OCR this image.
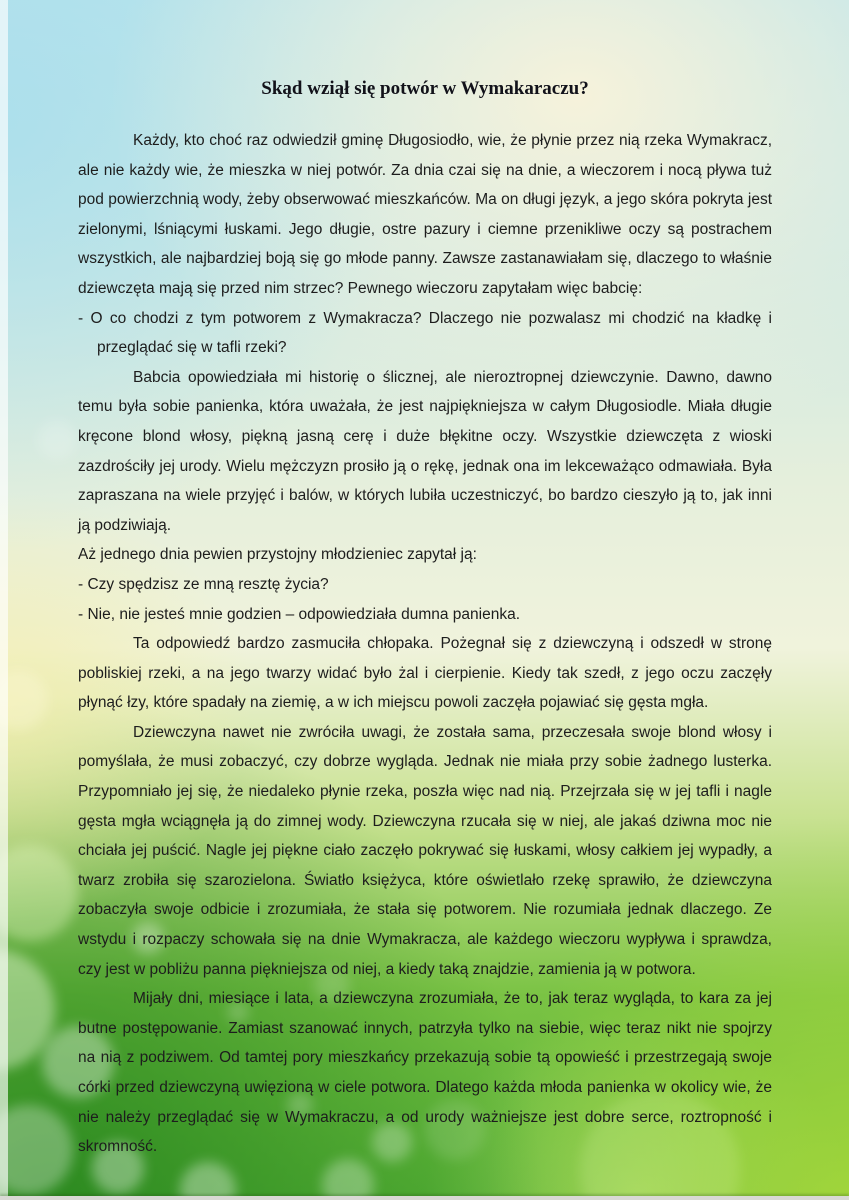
Skąd wziął się potwór w Wymakaraczu?

Każdy, kto choć raz odwiedził gminę Długosiodło, wie, że płynie przez nią rzeka Wymakracz, ale nie każdy wie, że mieszka w niej potwór. Za dnia czai się na dnie, a wieczorem i nocą pływa tuż pod powierzchnią wody, żeby obserwować mieszkańców. Ma on długi język, a jego skóra pokryta jest zielonymi, lśniącymi łuskami. Jego długie, ostre pazury i ciemne przenikliwe oczy są postrachem wszystkich, ale najbardziej boją się go młode panny. Zawsze zastanawiałam się, dlaczego to właśnie dziewczęta mają się przed nim strzec? Pewnego wieczoru zapytałam więc babcię:

- O co chodzi z tym potworem z Wymakracza? Dlaczego nie pozwalasz mi chodzić na kładkę i przeglądać się w tafli rzeki?

Babcia opowiedziała mi historię o ślicznej, ale nieroztropnej dziewczynie. Dawno, dawno temu była sobie panienka, która uważała, że jest najpiękniejsza w całym Długosiodle. Miała długie kręcone blond włosy, piękną jasną cerę i duże błękitne oczy. Wszystkie dziewczęta z wioski zazdrościły jej urody. Wielu mężczyzn prosiło ją o rękę, jednak ona im lekceważąco odmawiała. Była zapraszana na wiele przyjęć i balów, w których lubiła uczestniczyć, bo bardzo cieszyło ją to, jak inni ją podziwiają.

Aż jednego dnia pewien przystojny młodzieniec zapytał ją:

- Czy spędzisz ze mną resztę życia?

- Nie, nie jesteś mnie godzien – odpowiedziała dumna panienka.

Ta odpowiedź bardzo zasmuciła chłopaka. Pożegnał się z dziewczyną i odszedł w stronę pobliskiej rzeki, a na jego twarzy widać było żal i cierpienie. Kiedy tak szedł, z jego oczu zaczęły płynąć łzy, które spadały na ziemię, a w ich miejscu powoli zaczęła pojawiać się gęsta mgła.

Dziewczyna nawet nie zwróciła uwagi, że została sama, przeczesała swoje blond włosy i pomyślała, że musi zobaczyć, czy dobrze wygląda. Jednak nie miała przy sobie żadnego lusterka. Przypomniało jej się, że niedaleko płynie rzeka, poszła więc nad nią. Przejrzała się w jej tafli i nagle gęsta mgła wciągnęła ją do zimnej wody. Dziewczyna rzucała się w niej, ale jakaś dziwna moc nie chciała jej puścić. Nagle jej piękne ciało zaczęło pokrywać się łuskami, włosy całkiem jej wypadły, a twarz zrobiła się szarozielona. Światło księżyca, które oświetlało rzekę sprawiło, że dziewczyna zobaczyła swoje odbicie i zrozumiała, że stała się potworem. Nie rozumiała jednak dlaczego. Ze wstydu i rozpaczy schowała się na dnie Wymakracza, ale każdego wieczoru wypływa i sprawdza, czy jest w pobliżu panna piękniejsza od niej, a kiedy taką znajdzie, zamienia ją w potwora.

Mijały dni, miesiące i lata, a dziewczyna zrozumiała, że to, jak teraz wygląda, to kara za jej butne postępowanie. Zamiast szanować innych, patrzyła tylko na siebie, więc teraz nikt nie spojrzy na nią z podziwem. Od tamtej pory mieszkańcy przekazują sobie tą opowieść i przestrzegają swoje córki przed dziewczyną uwięzioną w ciele potwora. Dlatego każda młoda panienka w okolicy wie, że nie należy przeglądać się w Wymakraczu, a od urody ważniejsze jest dobre serce, roztropność i skromność.
